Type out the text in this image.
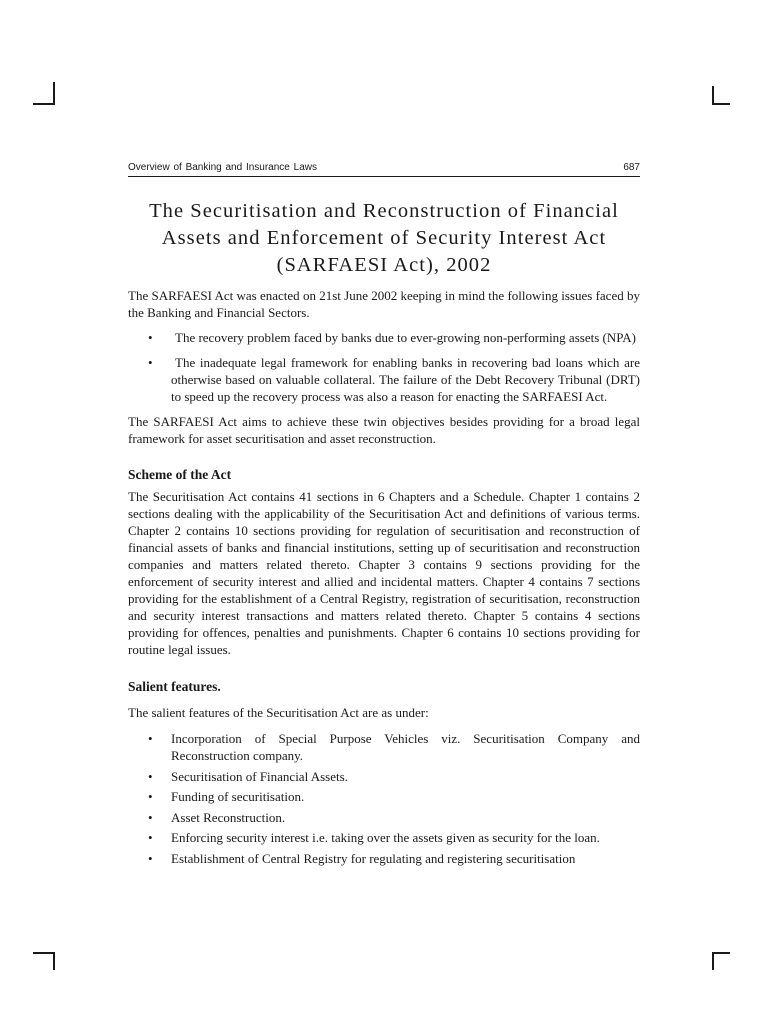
Overview of Banking and Insurance Laws	687
The Securitisation and Reconstruction of Financial Assets and Enforcement of Security Interest Act (SARFAESI Act), 2002

The SARFAESI Act was enacted on 21st June 2002 keeping in mind the following issues faced by the Banking and Financial Sectors.

•	The recovery problem faced by banks due to ever-growing non-performing assets (NPA)
•	The inadequate legal framework for enabling banks in recovering bad loans which are otherwise based on valuable collateral. The failure of the Debt Recovery Tribunal (DRT) to speed up the recovery process was also a reason for enacting the SARFAESI Act.

The SARFAESI Act aims to achieve these twin objectives besides providing for a broad legal framework for asset securitisation and asset reconstruction.

Scheme of the Act

The Securitisation Act contains 41 sections in 6 Chapters and a Schedule. Chapter 1 contains 2 sections dealing with the applicability of the Securitisation Act and definitions of various terms. Chapter 2 contains 10 sections providing for regulation of securitisation and reconstruction of financial assets of banks and financial institutions, setting up of securitisation and reconstruction companies and matters related thereto. Chapter 3 contains 9 sections providing for the enforcement of security interest and allied and incidental matters. Chapter 4 contains 7 sections providing for the establishment of a Central Registry, registration of securitisation, reconstruction and security interest transactions and matters related thereto. Chapter 5 contains 4 sections providing for offences, penalties and punishments. Chapter 6 contains 10 sections providing for routine legal issues.

Salient features.

The salient features of the Securitisation Act are as under:

• Incorporation of Special Purpose Vehicles viz. Securitisation Company and Reconstruction company.
• Securitisation of Financial Assets.
• Funding of securitisation.
• Asset Reconstruction.
• Enforcing security interest i.e. taking over the assets given as security for the loan.
• Establishment of Central Registry for regulating and registering securitisation
